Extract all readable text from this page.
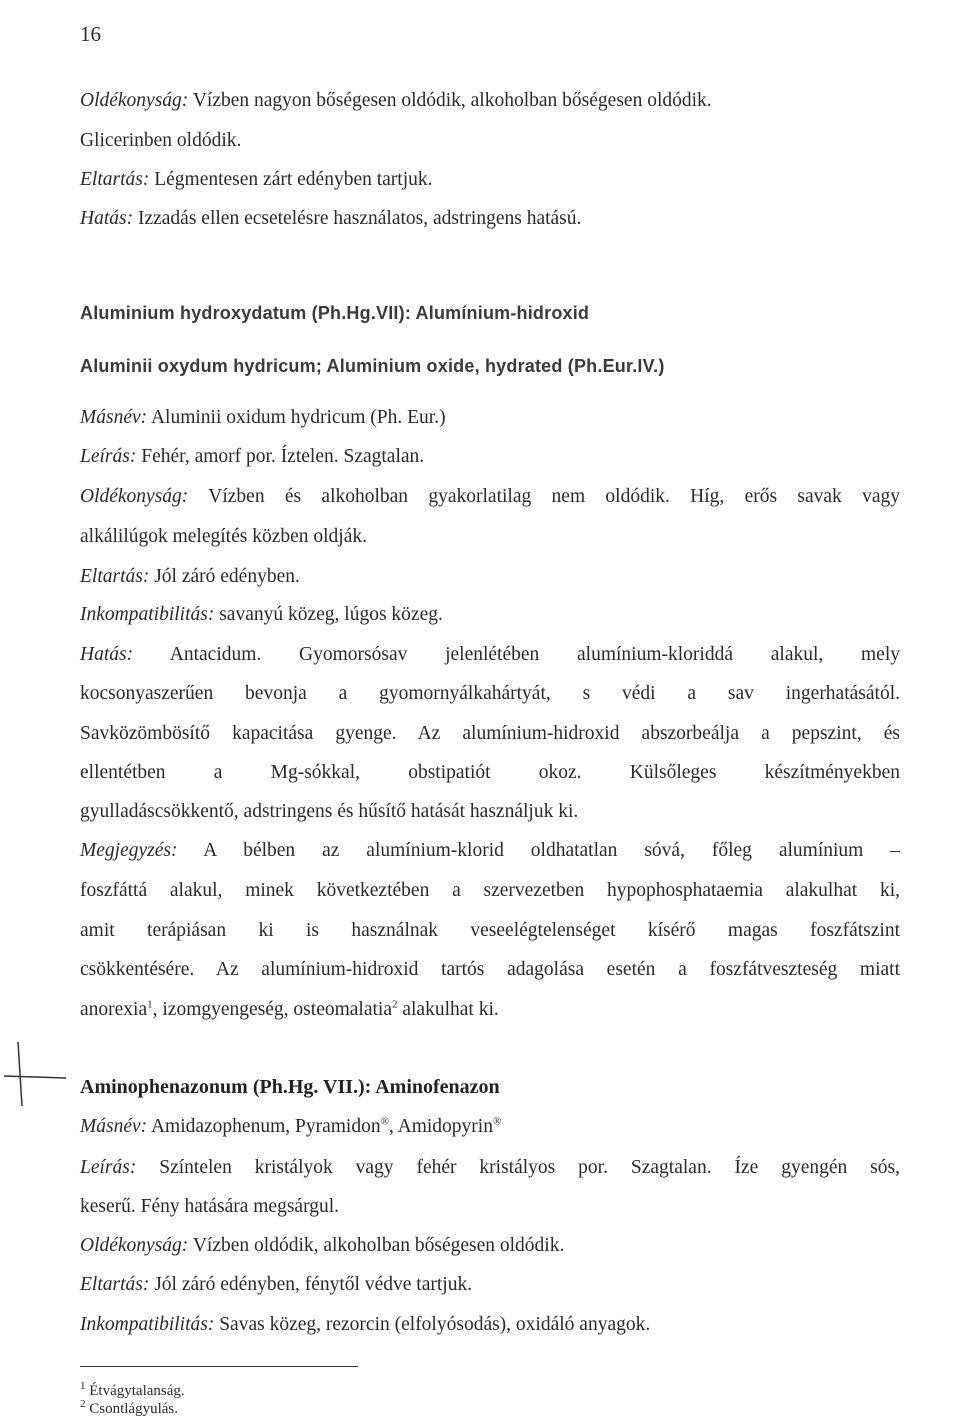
16
Oldékonyság: Vízben nagyon bőségesen oldódik, alkoholban bőségesen oldódik.
Glicerinben oldódik.
Eltartás: Légmentesen zárt edényben tartjuk.
Hatás: Izzadás ellen ecsetelésre használatos, adstringens hatású.
Aluminium hydroxydatum (Ph.Hg.VII): Alumínium-hidroxid
Aluminii oxydum hydricum; Aluminium oxide, hydrated (Ph.Eur.IV.)
Másnév: Aluminii oxidum hydricum (Ph. Eur.)
Leírás: Fehér, amorf por. Íztelen. Szagtalan.
Oldékonyság: Vízben és alkoholban gyakorlatilag nem oldódik. Híg, erős savak vagy
alkálilúgok melegítés közben oldják.
Eltartás: Jól záró edényben.
Inkompatibilitás: savanyú közeg, lúgos közeg.
Hatás: Antacidum. Gyomorsósav jelenlétében alumínium-kloriddá alakul, mely
kocsonyaszerűen bevonja a gyomornyálkahártyát, s védi a sav ingerhatásától.
Savközömbösítő kapacitása gyenge. Az alumínium-hidroxid abszorbeálja a pepszint, és
ellentétben a Mg-sókkal, obstipatiót okoz. Külsőleges készítményekben
gyulladáscsökkentő, adstringens és hűsítő hatását használjuk ki.
Megjegyzés: A bélben az alumínium-klorid oldhatatlan sóvá, főleg alumínium –
foszfáttá alakul, minek következtében a szervezetben hypophosphataemia alakulhat ki,
amit terápiásan ki is használnak veseelégtelenséget kísérő magas foszfátszint
csökkentésére. Az alumínium-hidroxid tartós adagolása esetén a foszfátveszteség miatt
anorexia$^1$, izomgyengeség, osteomalatia$^2$ alakulhat ki.
Aminophenazonum (Ph.Hg. VII.): Aminofenazon
Másnév: Amidazophenum, Pyramidon®, Amidopyrin®
Leírás: Színtelen kristályok vagy fehér kristályos por. Szagtalan. Íze gyengén sós,
keserű. Fény hatására megsárgul.
Oldékonyság: Vízben oldódik, alkoholban bőségesen oldódik.
Eltartás: Jól záró edényben, fénytől védve tartjuk.
Inkompatibilitás: Savas közeg, rezorcin (elfolyósodás), oxidáló anyagok.
$^1$ Étvágytalanság.
$^2$ Csontlágyulás.
